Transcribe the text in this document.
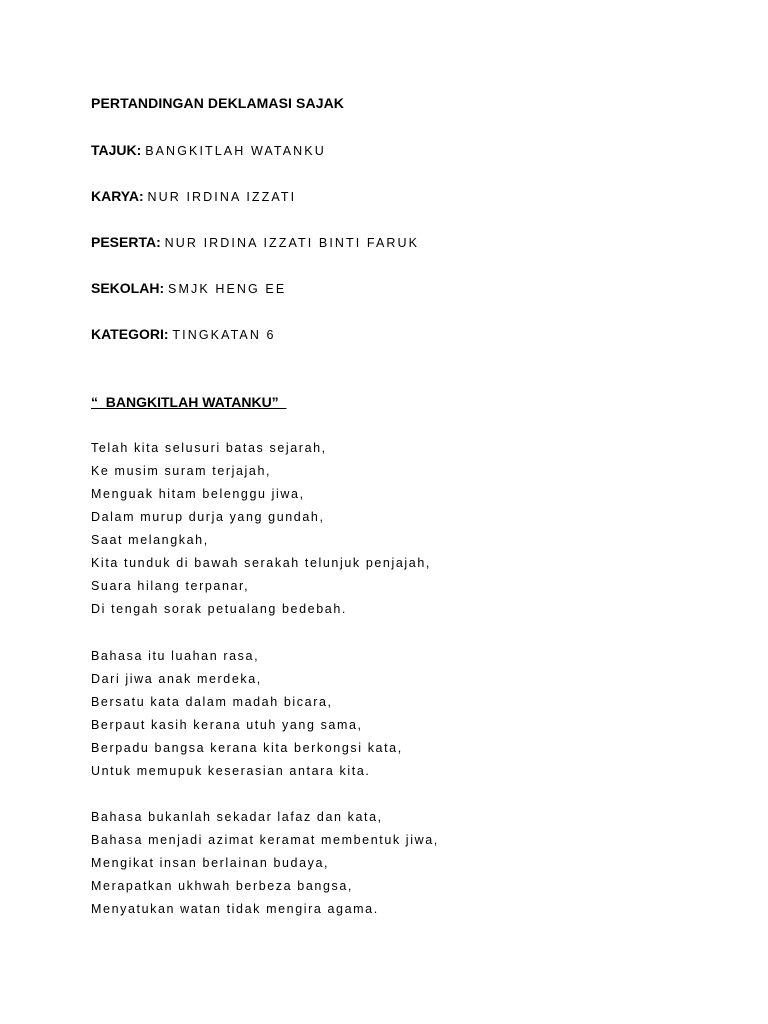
PERTANDINGAN DEKLAMASI SAJAK
TAJUK: BANGKITLAH WATANKU
KARYA: NUR IRDINA IZZATI
PESERTA: NUR IRDINA IZZATI BINTI FARUK
SEKOLAH: SMJK HENG EE
KATEGORI: TINGKATAN 6
“  BANGKITLAH WATANKU”
Telah kita selusuri batas sejarah,
Ke musim suram terjajah,
Menguak hitam belenggu jiwa,
Dalam murup durja yang gundah,
Saat melangkah,
Kita tunduk di bawah serakah telunjuk penjajah,
Suara hilang terpanar,
Di tengah sorak petualang bedebah.
Bahasa itu luahan rasa,
Dari jiwa anak merdeka,
Bersatu kata dalam madah bicara,
Berpaut kasih kerana utuh yang sama,
Berpadu bangsa kerana kita berkongsi kata,
Untuk memupuk keserasian antara kita.
Bahasa bukanlah sekadar lafaz dan kata,
Bahasa menjadi azimat keramat membentuk jiwa,
Mengikat insan berlainan budaya,
Merapatkan ukhwah berbeza bangsa,
Menyatukan watan tidak mengira agama.
